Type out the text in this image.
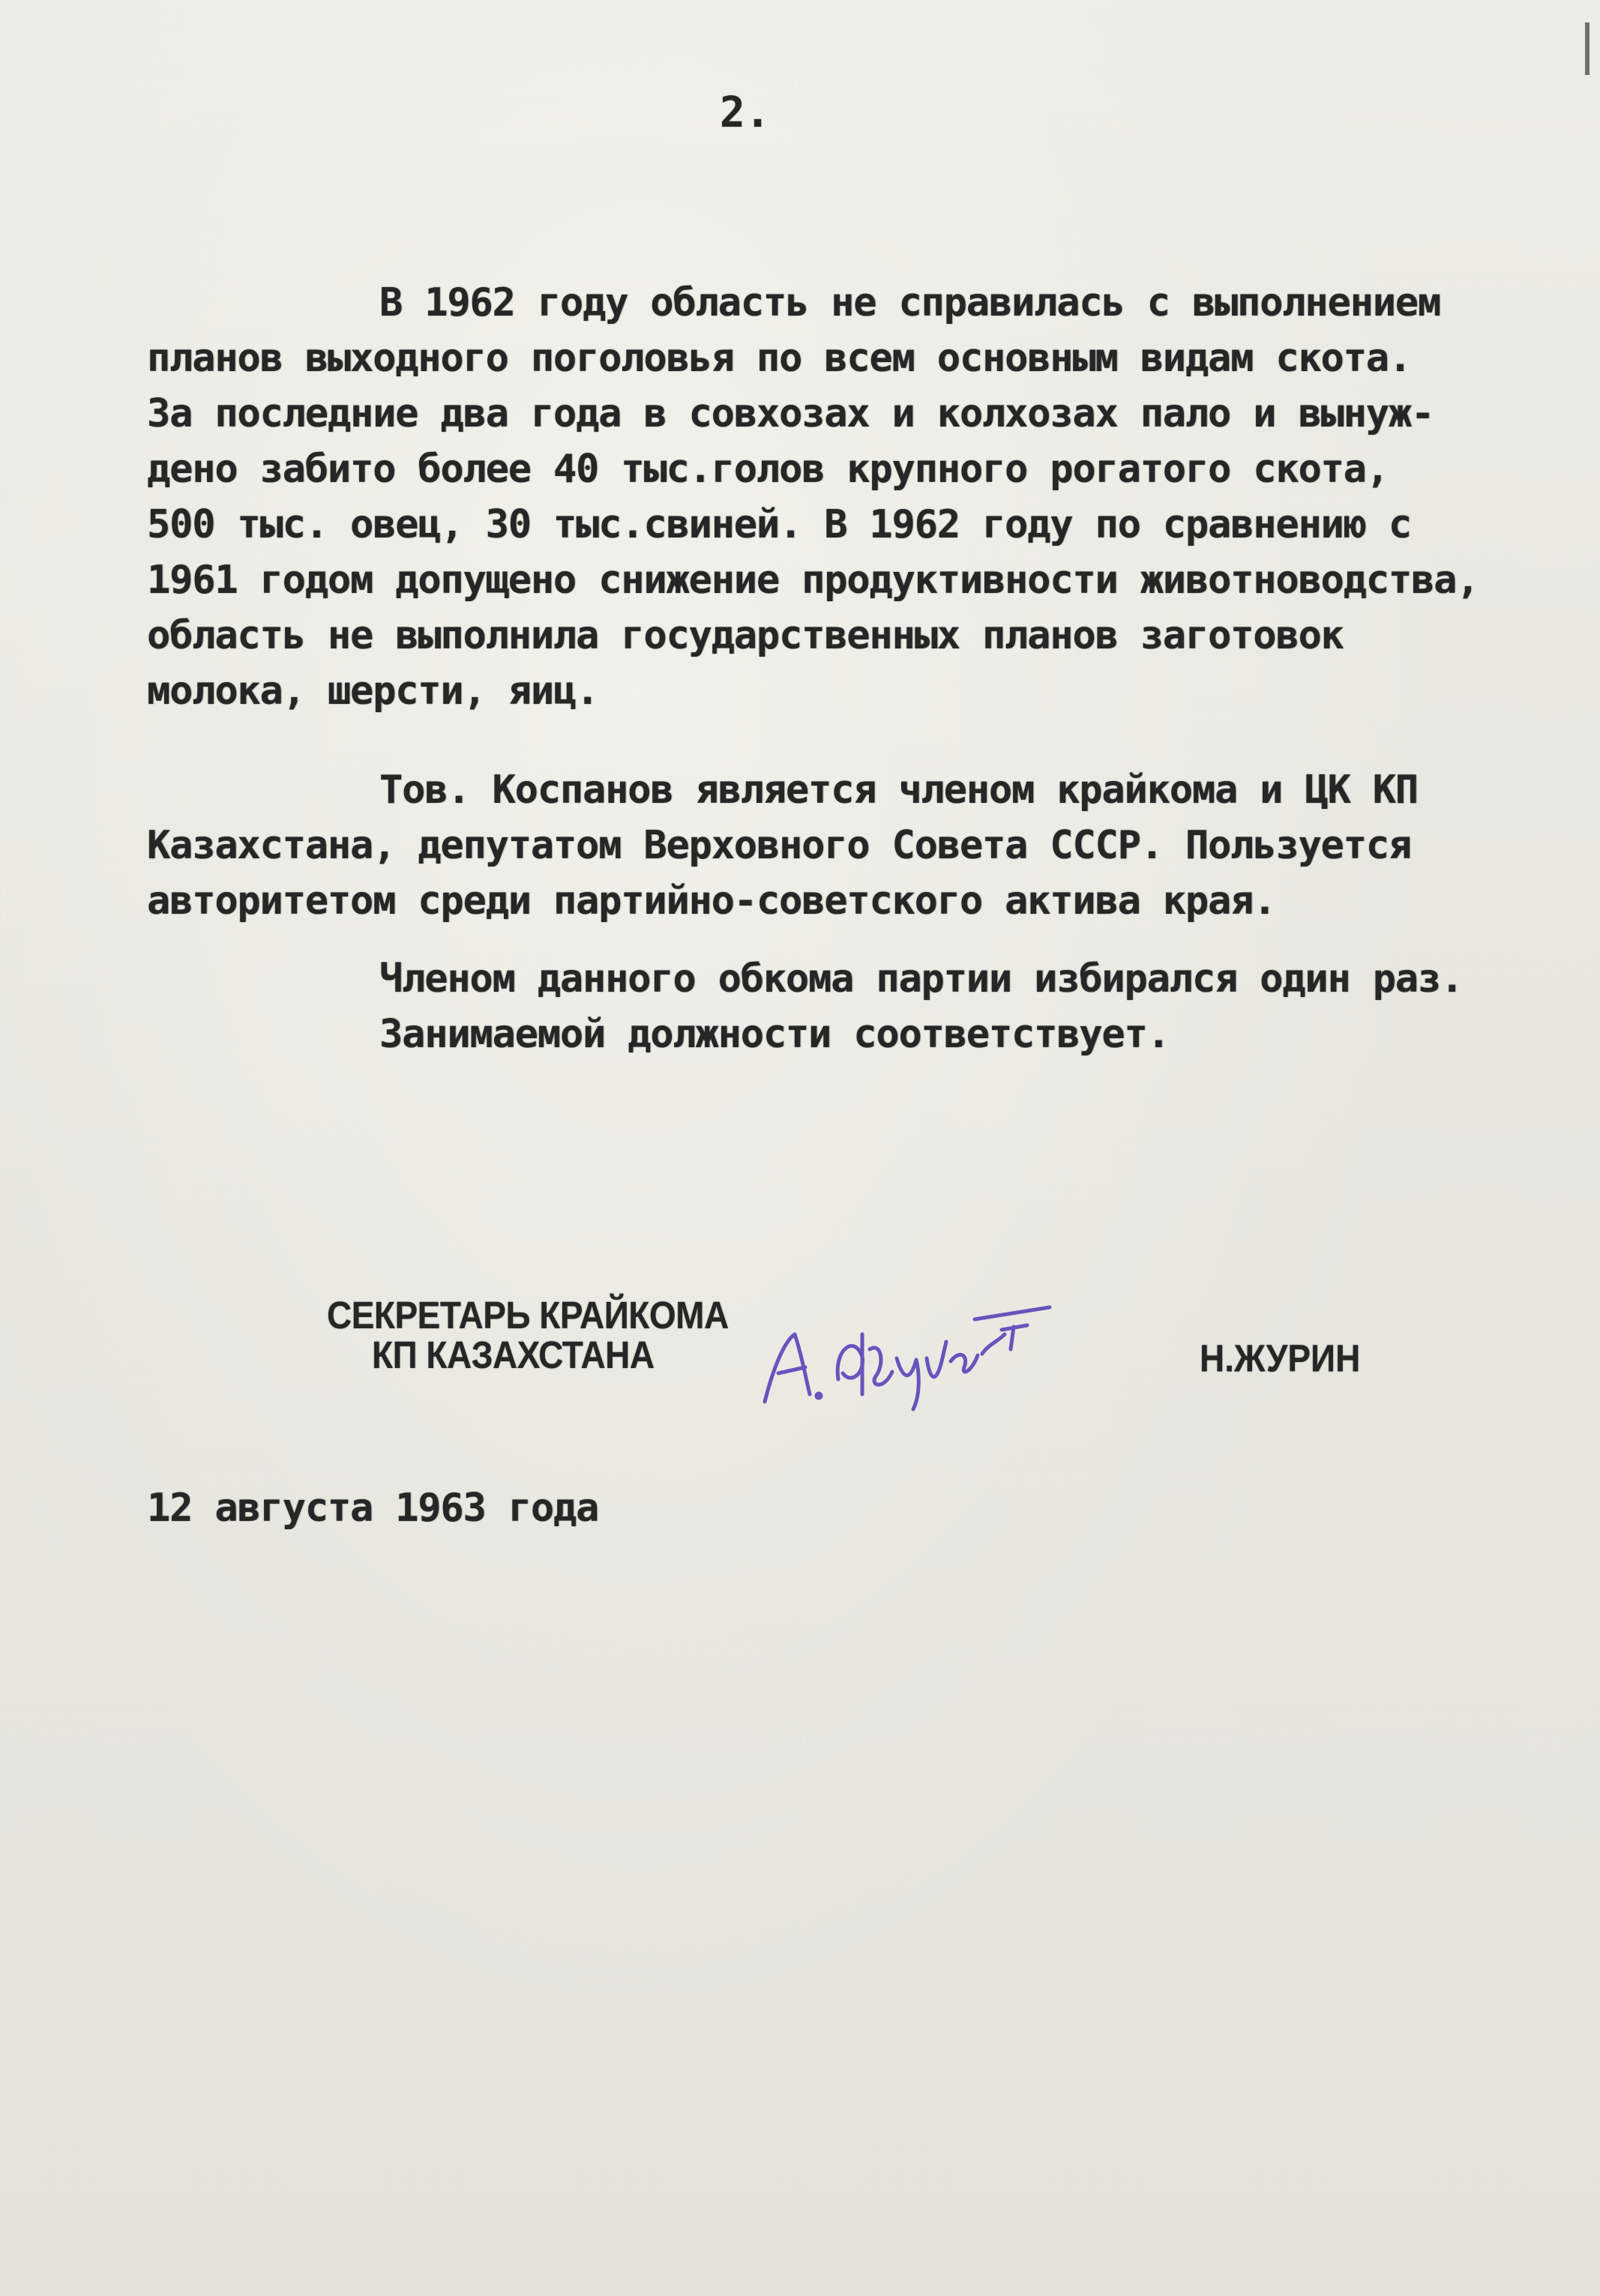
2.
В 1962 году область не справилась с выполнением
планов выходного поголовья по всем основным видам скота.
За последние два года в совхозах и колхозах пало и вынуж-
дено забито более 40 тыс.голов крупного рогатого скота,
500 тыс. овец, 30 тыс.свиней. В 1962 году по сравнению с
1961 годом допущено снижение продуктивности животноводства,
область не выполнила государственных планов заготовок
молока, шерсти, яиц.
Тов. Коспанов является членом крайкома и ЦК КП
Казахстана, депутатом Верховного Совета СССР. Пользуется
авторитетом среди партийно-советского актива края.
Членом данного обкома партии избирался один раз.
Занимаемой должности соответствует.
СЕКРЕТАРЬ КРАЙКОМА
КП КАЗАХСТАНА	Н.ЖУРИН
12 августа 1963 года
